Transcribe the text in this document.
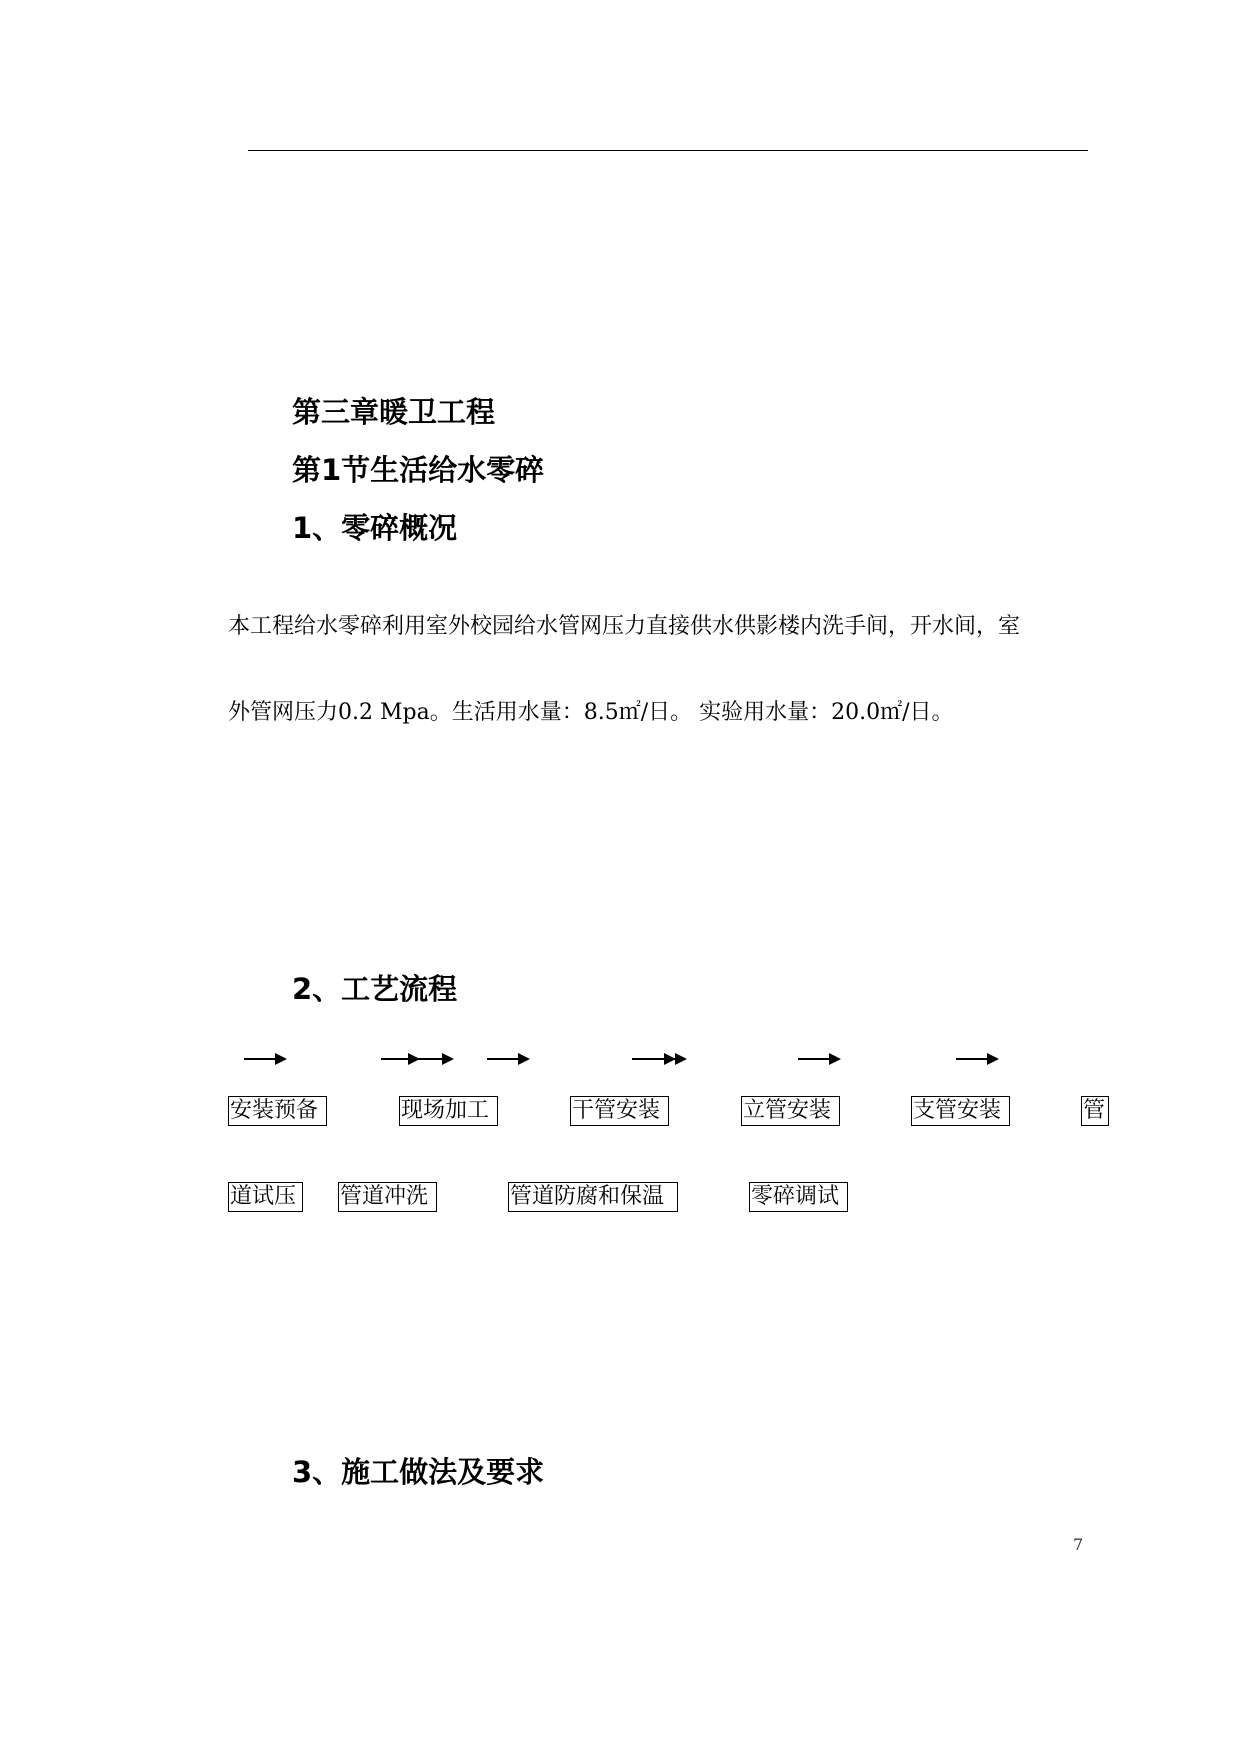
第三章暖卫工程
第1节生活给水零碎
1、零碎概况
本工程给水零碎利用室外校园给水管网压力直接供水供影楼内洗手间，开水间，室
外管网压力0.2 Mpa。生活用水量：8.5㎡/日。 实验用水量：20.0㎡/日。
2、工艺流程
安装预备	现场加工	干管安装	立管安装	支管安装	管
道试压	管道冲洗	管道防腐和保温	零碎调试
3、施工做法及要求
7
